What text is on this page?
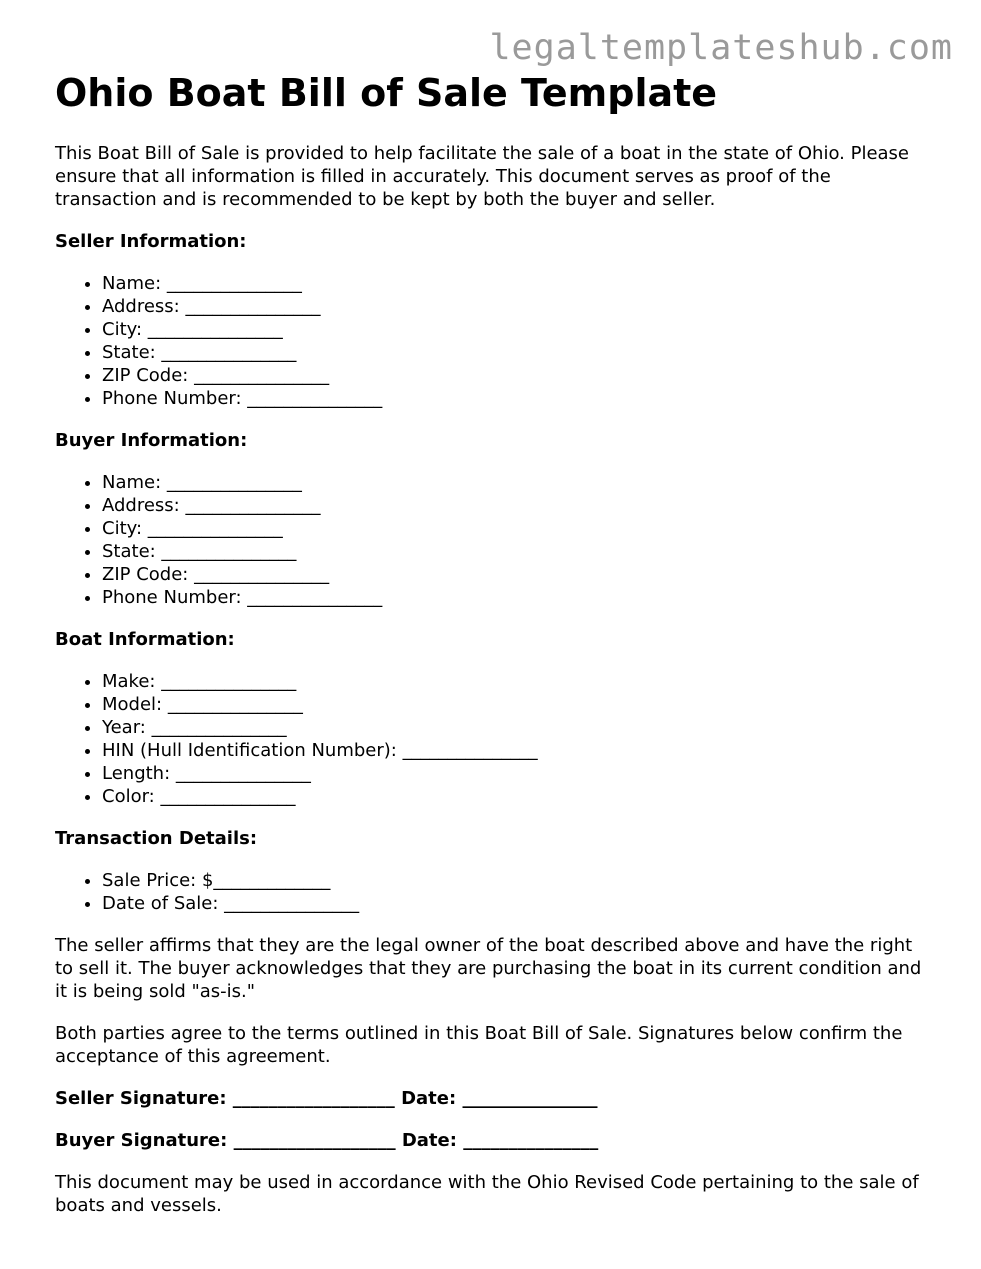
legaltemplateshub.com
Ohio Boat Bill of Sale Template

This Boat Bill of Sale is provided to help facilitate the sale of a boat in the state of Ohio. Please ensure that all information is filled in accurately. This document serves as proof of the transaction and is recommended to be kept by both the buyer and seller.

Seller Information:
• Name: _______________
• Address: _______________
• City: _______________
• State: _______________
• ZIP Code: _______________
• Phone Number: _______________
Buyer Information:
• Name: _______________
• Address: _______________
• City: _______________
• State: _______________
• ZIP Code: _______________
• Phone Number: _______________
Boat Information:
• Make: _______________
• Model: _______________
• Year: _______________
• HIN (Hull Identification Number): _______________
• Length: _______________
• Color: _______________
Transaction Details:
• Sale Price: $_____________
• Date of Sale: _______________

The seller affirms that they are the legal owner of the boat described above and have the right to sell it. The buyer acknowledges that they are purchasing the boat in its current condition and it is being sold "as-is."

Both parties agree to the terms outlined in this Boat Bill of Sale. Signatures below confirm the acceptance of this agreement.

Seller Signature: __________________ Date: _______________
Buyer Signature: __________________ Date: _______________

This document may be used in accordance with the Ohio Revised Code pertaining to the sale of boats and vessels.
